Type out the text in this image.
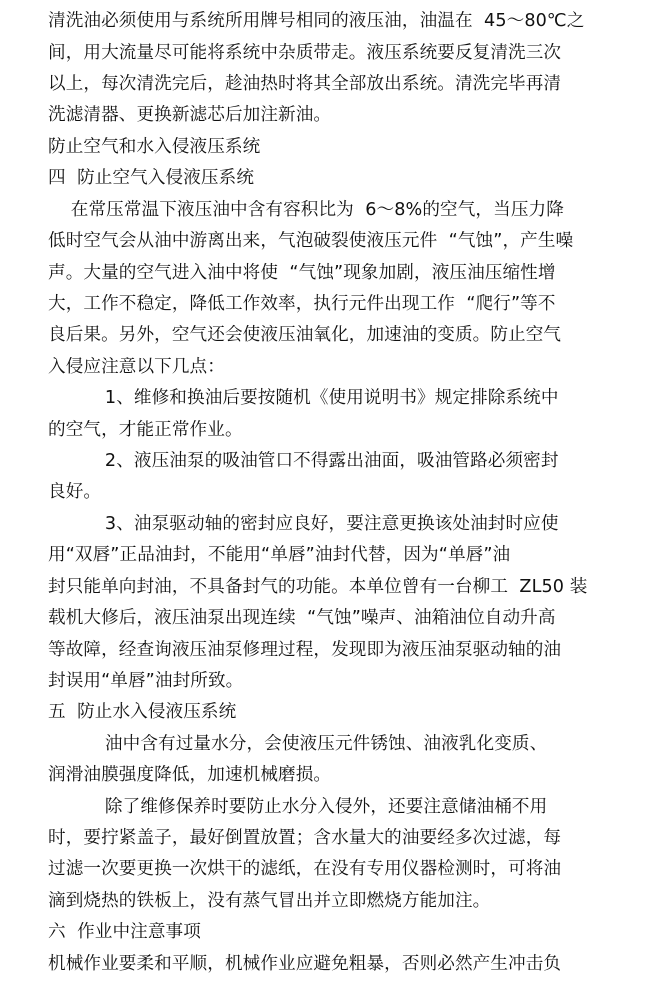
清洗油必须使用与系统所用牌号相同的液压油，油温在  45～80℃之
间，用大流量尽可能将系统中杂质带走。液压系统要反复清洗三次
以上，每次清洗完后，趁油热时将其全部放出系统。清洗完毕再清
洗滤清器、更换新滤芯后加注新油。
防止空气和水入侵液压系统
四  防止空气入侵液压系统
在常压常温下液压油中含有容积比为  6～8%的空气，当压力降
低时空气会从油中游离出来，气泡破裂使液压元件  “气蚀”，产生噪
声。大量的空气进入油中将使  “气蚀”现象加剧，液压油压缩性增
大，工作不稳定，降低工作效率，执行元件出现工作  “爬行”等不
良后果。另外，空气还会使液压油氧化，加速油的变质。防止空气
入侵应注意以下几点：
1、维修和换油后要按随机《使用说明书》规定排除系统中
的空气，才能正常作业。
2、液压油泵的吸油管口不得露出油面，吸油管路必须密封
良好。
3、油泵驱动轴的密封应良好，要注意更换该处油封时应使
用“双唇”正品油封，不能用“单唇”油封代替，因为“单唇”油
封只能单向封油，不具备封气的功能。本单位曾有一台柳工  ZL50 装
载机大修后，液压油泵出现连续  “气蚀”噪声、油箱油位自动升高
等故障，经查询液压油泵修理过程，发现即为液压油泵驱动轴的油
封误用“单唇”油封所致。
五  防止水入侵液压系统
油中含有过量水分，会使液压元件锈蚀、油液乳化变质、
润滑油膜强度降低，加速机械磨损。
除了维修保养时要防止水分入侵外，还要注意储油桶不用
时，要拧紧盖子，最好倒置放置；含水量大的油要经多次过滤，每
过滤一次要更换一次烘干的滤纸，在没有专用仪器检测时，可将油
滴到烧热的铁板上，没有蒸气冒出并立即燃烧方能加注。
六  作业中注意事项
机械作业要柔和平顺，机械作业应避免粗暴，否则必然产生冲击负
